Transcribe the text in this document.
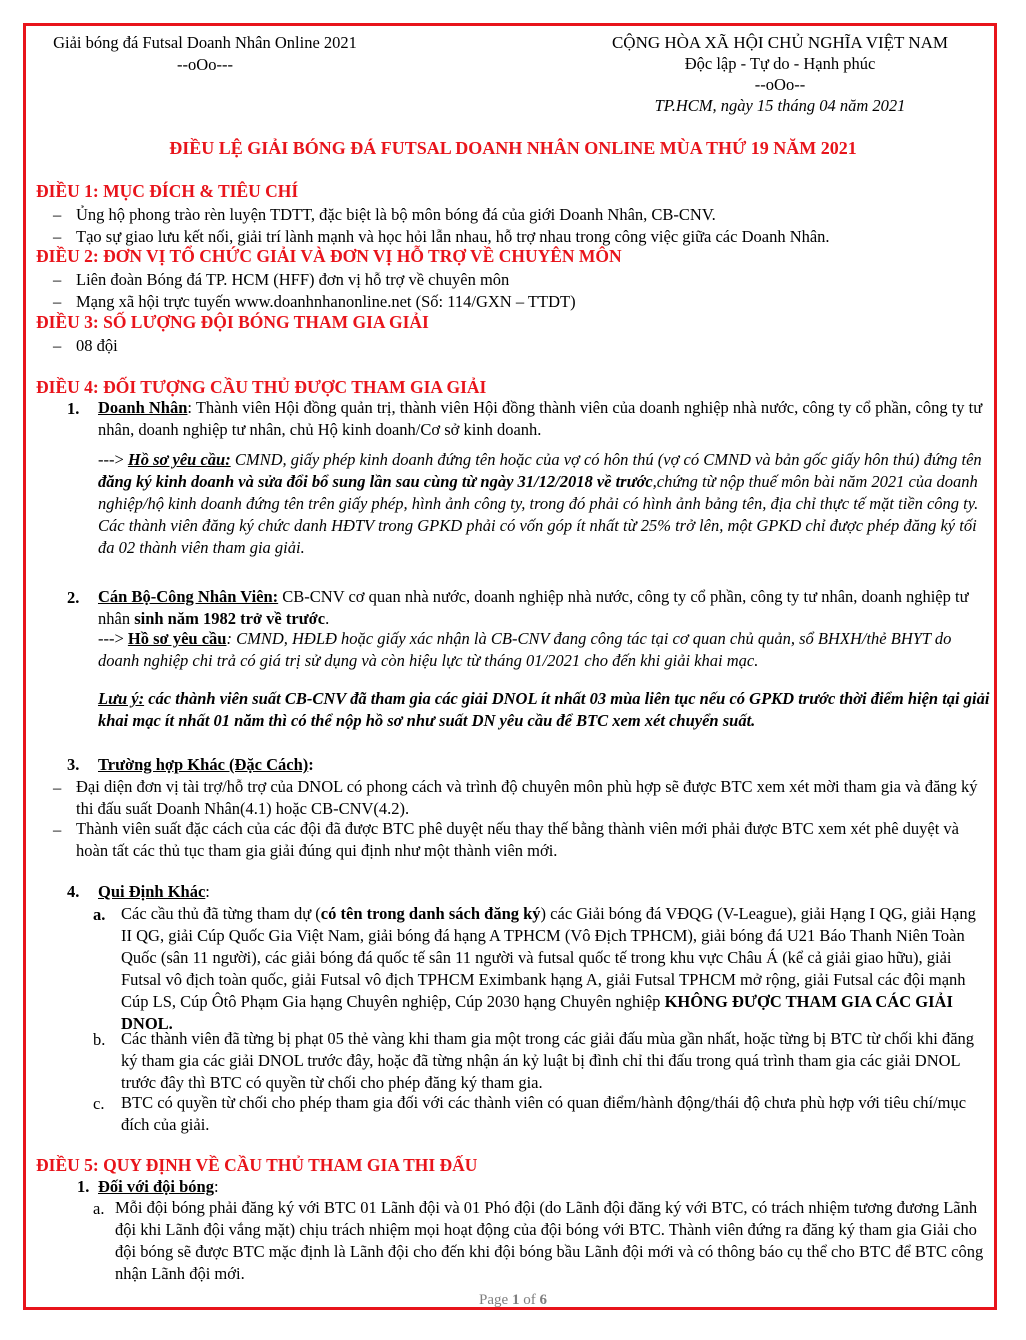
Giải bóng đá Futsal Doanh Nhân Online 2021
--oOo---
CỘNG HÒA XÃ HỘI CHỦ NGHĨA VIỆT NAM
Độc lập - Tự do - Hạnh phúc
--oOo--
TP.HCM, ngày 15 tháng 04 năm 2021
ĐIỀU LỆ GIẢI BÓNG ĐÁ FUTSAL DOANH NHÂN ONLINE MÙA THỨ 19 NĂM 2021
ĐIỀU 1: MỤC ĐÍCH & TIÊU CHÍ
– Ủng hộ phong trào rèn luyện TDTT, đặc biệt là bộ môn bóng đá của giới Doanh Nhân, CB-CNV.
– Tạo sự giao lưu kết nối, giải trí lành mạnh và học hỏi lẫn nhau, hỗ trợ nhau trong công việc giữa các Doanh Nhân.
ĐIỀU 2: ĐƠN VỊ TỔ CHỨC GIẢI VÀ ĐƠN VỊ HỖ TRỢ VỀ CHUYÊN MÔN
– Liên đoàn Bóng đá TP. HCM (HFF) đơn vị hỗ trợ về chuyên môn
– Mạng xã hội trực tuyến www.doanhnhanonline.net (Số: 114/GXN – TTDT)
ĐIỀU 3: SỐ LƯỢNG ĐỘI BÓNG THAM GIA GIẢI
– 08 đội
ĐIỀU 4: ĐỐI TƯỢNG CẦU THỦ ĐƯỢC THAM GIA GIẢI
1. Doanh Nhân: Thành viên Hội đồng quản trị, thành viên Hội đồng thành viên của doanh nghiệp nhà nước, công ty cổ phần, công ty tư nhân, doanh nghiệp tư nhân, chủ Hộ kinh doanh/Cơ sở kinh doanh.
---> Hồ sơ yêu cầu: CMND, giấy phép kinh doanh đứng tên hoặc của vợ có hôn thú (vợ có CMND và bản gốc giấy hôn thú) đứng tên đăng ký kinh doanh và sửa đổi bổ sung lần sau cùng từ ngày 31/12/2018 về trước,chứng từ nộp thuế môn bài năm 2021 của doanh nghiệp/hộ kinh doanh đứng tên trên giấy phép, hình ảnh công ty, trong đó phải có hình ảnh bảng tên, địa chỉ thực tế mặt tiền công ty. Các thành viên đăng ký chức danh HĐTV trong GPKD phải có vốn góp ít nhất từ 25% trở lên, một GPKD chỉ được phép đăng ký tối đa 02 thành viên tham gia giải.
2. Cán Bộ-Công Nhân Viên: CB-CNV cơ quan nhà nước, doanh nghiệp nhà nước, công ty cổ phần, công ty tư nhân, doanh nghiệp tư nhân sinh năm 1982 trở về trước.
---> Hồ sơ yêu cầu: CMND, HĐLĐ hoặc giấy xác nhận là CB-CNV đang công tác tại cơ quan chủ quản, sổ BHXH/thẻ BHYT do doanh nghiệp chi trả có giá trị sử dụng và còn hiệu lực từ tháng 01/2021 cho đến khi giải khai mạc.
Lưu ý: các thành viên suất CB-CNV đã tham gia các giải DNOL ít nhất 03 mùa liên tục nếu có GPKD trước thời điểm hiện tại giải khai mạc ít nhất 01 năm thì có thể nộp hồ sơ như suất DN yêu cầu để BTC xem xét chuyển suất.
3. Trường hợp Khác (Đặc Cách):
– Đại diện đơn vị tài trợ/hỗ trợ của DNOL có phong cách và trình độ chuyên môn phù hợp sẽ được BTC xem xét mời tham gia và đăng ký thi đấu suất Doanh Nhân(4.1) hoặc CB-CNV(4.2).
– Thành viên suất đặc cách của các đội đã được BTC phê duyệt nếu thay thế bằng thành viên mới phải được BTC xem xét phê duyệt và hoàn tất các thủ tục tham gia giải đúng qui định như một thành viên mới.
4. Qui Định Khác:
a. Các cầu thủ đã từng tham dự (có tên trong danh sách đăng ký) các Giải bóng đá VĐQG (V-League), giải Hạng I QG, giải Hạng II QG, giải Cúp Quốc Gia Việt Nam, giải bóng đá hạng A TPHCM (Vô Địch TPHCM), giải bóng đá U21 Báo Thanh Niên Toàn Quốc (sân 11 người), các giải bóng đá quốc tế sân 11 người và futsal quốc tế trong khu vực Châu Á (kể cả giải giao hữu), giải Futsal vô địch toàn quốc, giải Futsal vô địch TPHCM Eximbank hạng A, giải Futsal TPHCM mở rộng, giải Futsal các đội mạnh Cúp LS, Cúp Ôtô Phạm Gia hạng Chuyên nghiệp, Cúp 2030 hạng Chuyên nghiệp KHÔNG ĐƯỢC THAM GIA CÁC GIẢI DNOL.
b. Các thành viên đã từng bị phạt 05 thẻ vàng khi tham gia một trong các giải đấu mùa gần nhất, hoặc từng bị BTC từ chối khi đăng ký tham gia các giải DNOL trước đây, hoặc đã từng nhận án kỷ luật bị đình chỉ thi đấu trong quá trình tham gia các giải DNOL trước đây thì BTC có quyền từ chối cho phép đăng ký tham gia.
c. BTC có quyền từ chối cho phép tham gia đối với các thành viên có quan điểm/hành động/thái độ chưa phù hợp với tiêu chí/mục đích của giải.
ĐIỀU 5: QUY ĐỊNH VỀ CẦU THỦ THAM GIA THI ĐẤU
1. Đối với đội bóng:
a. Mỗi đội bóng phải đăng ký với BTC 01 Lãnh đội và 01 Phó đội (do Lãnh đội đăng ký với BTC, có trách nhiệm tương đương Lãnh đội khi Lãnh đội vắng mặt) chịu trách nhiệm mọi hoạt động của đội bóng với BTC. Thành viên đứng ra đăng ký tham gia Giải cho đội bóng sẽ được BTC mặc định là Lãnh đội cho đến khi đội bóng bầu Lãnh đội mới và có thông báo cụ thể cho BTC để BTC công nhận Lãnh đội mới.
Page 1 of 6
